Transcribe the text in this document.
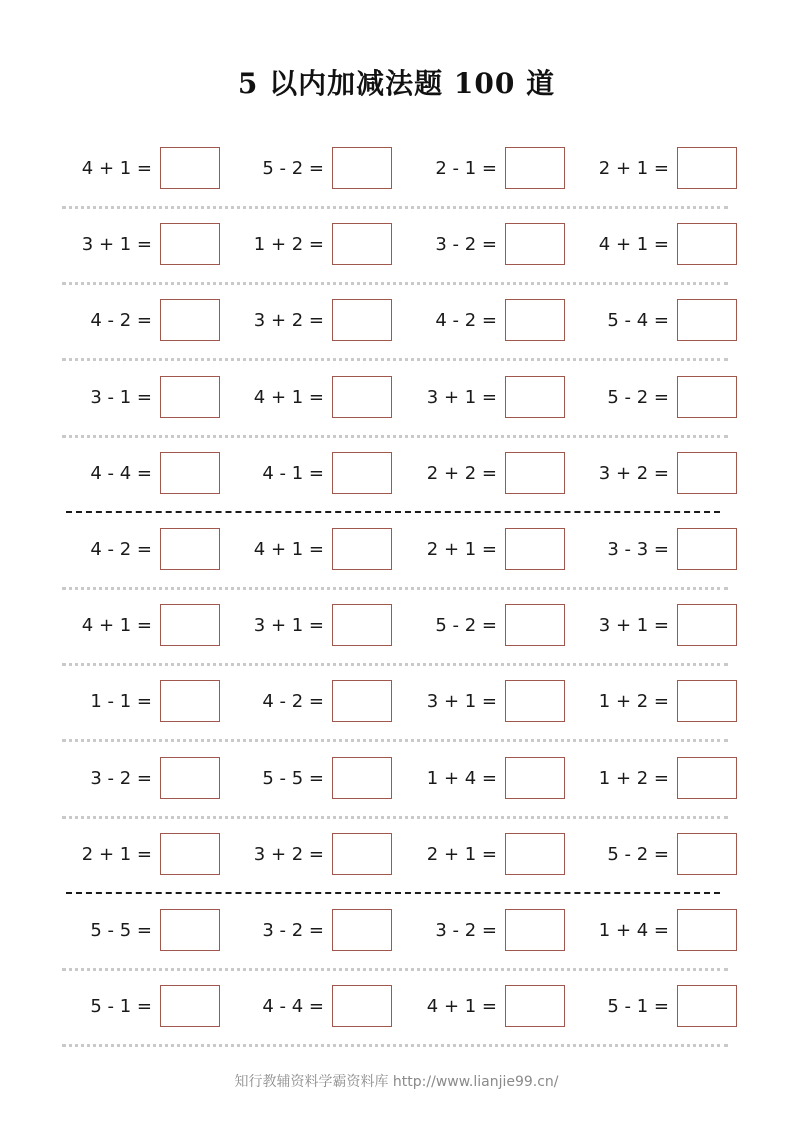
5 以内加减法题 100 道
4 + 1 =	5 - 2 =	2 - 1 =	2 + 1 =
3 + 1 =	1 + 2 =	3 - 2 =	4 + 1 =
4 - 2 =	3 + 2 =	4 - 2 =	5 - 4 =
3 - 1 =	4 + 1 =	3 + 1 =	5 - 2 =
4 - 4 =	4 - 1 =	2 + 2 =	3 + 2 =
4 - 2 =	4 + 1 =	2 + 1 =	3 - 3 =
4 + 1 =	3 + 1 =	5 - 2 =	3 + 1 =
1 - 1 =	4 - 2 =	3 + 1 =	1 + 2 =
3 - 2 =	5 - 5 =	1 + 4 =	1 + 2 =
2 + 1 =	3 + 2 =	2 + 1 =	5 - 2 =
5 - 5 =	3 - 2 =	3 - 2 =	1 + 4 =
5 - 1 =	4 - 4 =	4 + 1 =	5 - 1 =
知行教辅资料学霸资料库 http://www.lianjie99.cn/
